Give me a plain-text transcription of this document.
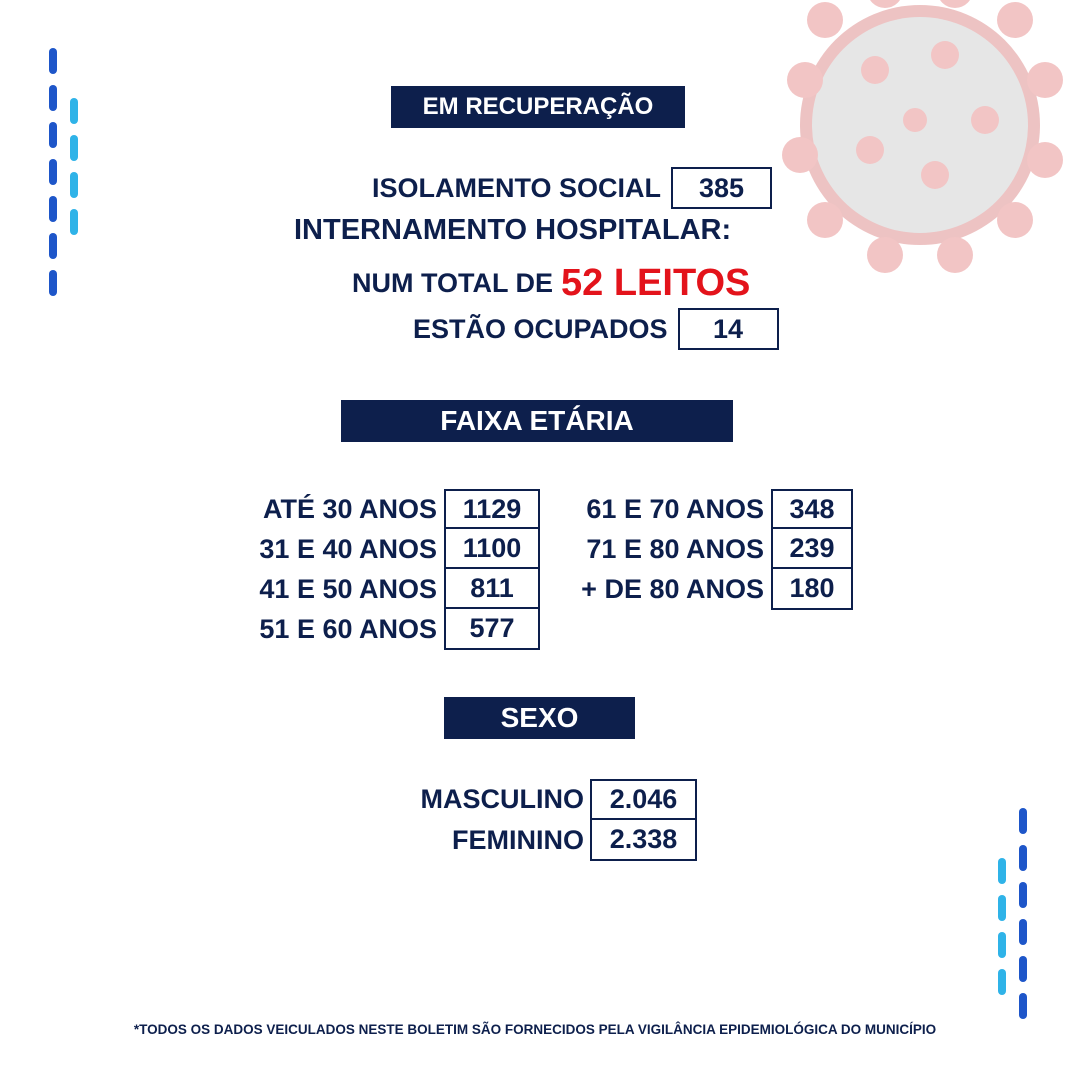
EM RECUPERAÇÃO
ISOLAMENTO SOCIAL	385
INTERNAMENTO HOSPITALAR:
NUM TOTAL DE 52 LEITOS
ESTÃO OCUPADOS	14
FAIXA ETÁRIA
ATÉ 30 ANOS 1129
31 E 40 ANOS 1100
41 E 50 ANOS	811
51 E 60 ANOS	577
61 E 70 ANOS 348
71 E 80 ANOS 239
+ DE 80 ANOS 180
SEXO
MASCULINO 2.046
FEMININO 2.338
*TODOS OS DADOS VEICULADOS NESTE BOLETIM SÃO FORNECIDOS PELA VIGILÂNCIA EPIDEMIOLÓGICA DO MUNICÍPIO
